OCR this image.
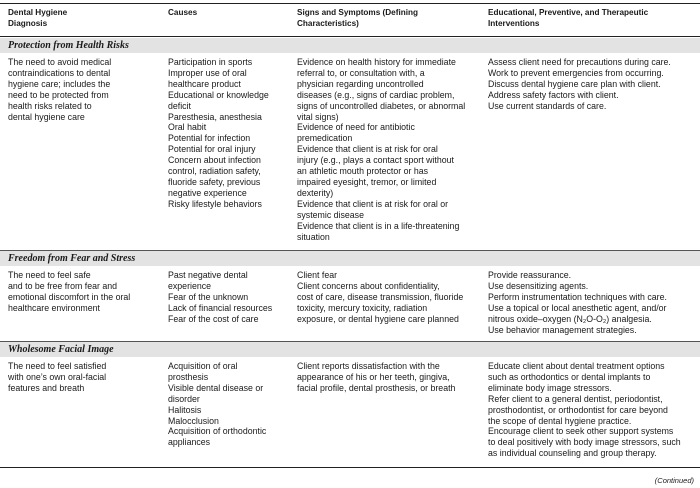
Dental Hygiene
Diagnosis
Causes	Signs and Symptoms (Defining
Characteristics)
Educational, Preventive, and Therapeutic
Interventions
Protection from Health Risks
The need to avoid medical
contraindications to dental
hygiene care; includes the
need to be protected from
health risks related to
dental hygiene care
Participation in sports
Improper use of oral
healthcare product
Educational or knowledge
deficit
Paresthesia, anesthesia
Oral habit
Potential for infection
Potential for oral injury
Concern about infection
control, radiation safety,
fluoride safety, previous
negative experience
Risky lifestyle behaviors
Evidence on health history for immediate
referral to, or consultation with, a
physician regarding uncontrolled
diseases (e.g., signs of cardiac problem,
signs of uncontrolled diabetes, or abnormal
vital signs)
Evidence of need for antibiotic
premedication
Evidence that client is at risk for oral
injury (e.g., plays a contact sport without
an athletic mouth protector or has
impaired eyesight, tremor, or limited
dexterity)
Evidence that client is at risk for oral or
systemic disease
Evidence that client is in a life-threatening
situation
Assess client need for precautions during care.
Work to prevent emergencies from occurring.
Discuss dental hygiene care plan with client.
Address safety factors with client.
Use current standards of care.
Freedom from Fear and Stress
The need to feel safe
and to be free from fear and
emotional discomfort in the oral
healthcare environment
Past negative dental
experience
Fear of the unknown
Lack of financial resources
Fear of the cost of care
Client fear
Client concerns about confidentiality,
cost of care, disease transmission, fluoride
toxicity, mercury toxicity, radiation
exposure, or dental hygiene care planned
Provide reassurance.
Use desensitizing agents.
Perform instrumentation techniques with care.
Use a topical or local anesthetic agent, and/or
nitrous oxide–oxygen (N₂O-O₂) analgesia.
Use behavior management strategies.
Wholesome Facial Image
The need to feel satisfied
with one’s own oral-facial
features and breath
Acquisition of oral
prosthesis
Visible dental disease or
disorder
Halitosis
Malocclusion
Acquisition of orthodontic
appliances
Client reports dissatisfaction with the
appearance of his or her teeth, gingiva,
facial profile, dental prosthesis, or breath
Educate client about dental treatment options
such as orthodontics or dental implants to
eliminate body image stressors.
Refer client to a general dentist, periodontist,
prosthodontist, or orthodontist for care beyond
the scope of dental hygiene practice.
Encourage client to seek other support systems
to deal positively with body image stressors, such
as individual counseling and group therapy.
(Continued)
